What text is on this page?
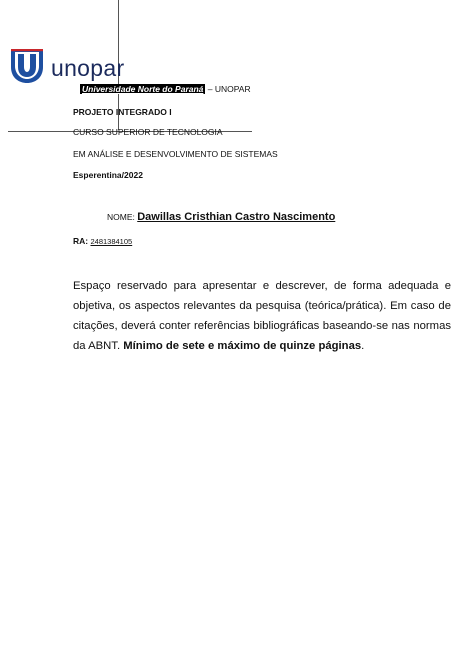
unopar
Universidade Norte do Paraná – UNOPAR
PROJETO INTEGRADO I
CURSO SUPERIOR DE TECNOLOGIA
EM ANÁLISE E DESENVOLVIMENTO DE SISTEMAS
Esperentina/2022
NOME: Dawillas Cristhian Castro Nascimento
RA: 2481384105
Espaço reservado para apresentar e descrever, de forma adequada e objetiva, os aspectos relevantes da pesquisa (teórica/prática). Em caso de citações, deverá conter referências bibliográficas baseando-se nas normas da ABNT. Mínimo de sete e máximo de quinze páginas.
